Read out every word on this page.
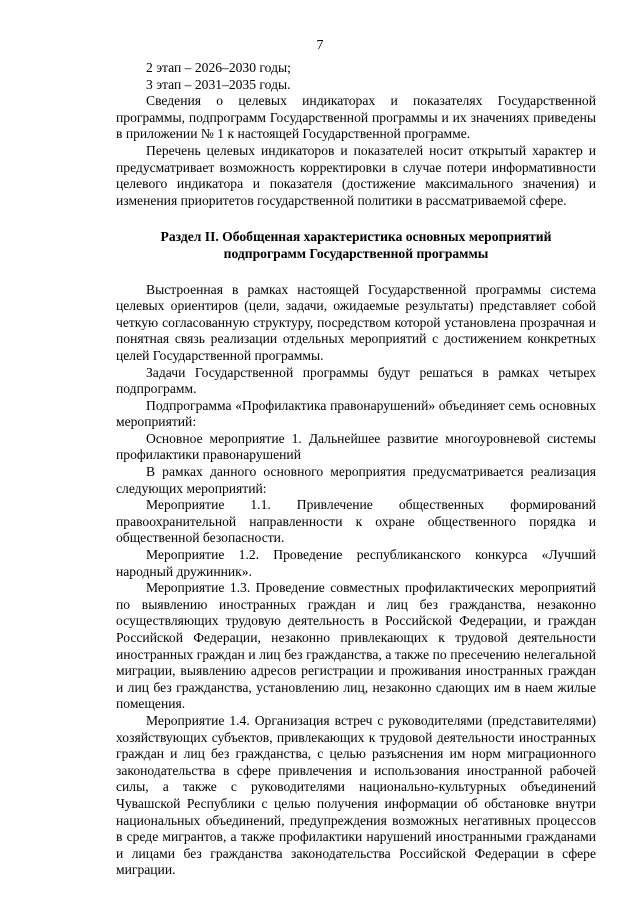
7

2 этап – 2026–2030 годы;

3 этап – 2031–2035 годы.

Сведения о целевых индикаторах и показателях Государственной программы, подпрограмм Государственной программы и их значениях приведены в приложении № 1 к настоящей Государственной программе.

Перечень целевых индикаторов и показателей носит открытый характер и предусматривает возможность корректировки в случае потери информативности целевого индикатора и показателя (достижение максимального значения) и изменения приоритетов государственной политики в рассматриваемой сфере.

Раздел II. Обобщенная характеристика основных мероприятий
подпрограмм Государственной программы

Выстроенная в рамках настоящей Государственной программы система целевых ориентиров (цели, задачи, ожидаемые результаты) представляет собой четкую согласованную структуру, посредством которой установлена прозрачная и понятная связь реализации отдельных мероприятий с достижением конкретных целей Государственной программы.

Задачи Государственной программы будут решаться в рамках четырех подпрограмм.

Подпрограмма «Профилактика правонарушений» объединяет семь основных мероприятий:

Основное мероприятие 1. Дальнейшее развитие многоуровневой системы профилактики правонарушений

В рамках данного основного мероприятия предусматривается реализация следующих мероприятий:

Мероприятие 1.1. Привлечение общественных формирований правоохранительной направленности к охране общественного порядка и общественной безопасности.

Мероприятие 1.2. Проведение республиканского конкурса «Лучший народный дружинник».

Мероприятие 1.3. Проведение совместных профилактических мероприятий по выявлению иностранных граждан и лиц без гражданства, незаконно осуществляющих трудовую деятельность в Российской Федерации, и граждан Российской Федерации, незаконно привлекающих к трудовой деятельности иностранных граждан и лиц без гражданства, а также по пресечению нелегальной миграции, выявлению адресов регистрации и проживания иностранных граждан и лиц без гражданства, установлению лиц, незаконно сдающих им в наем жилые помещения.

Мероприятие 1.4. Организация встреч с руководителями (представителями) хозяйствующих субъектов, привлекающих к трудовой деятельности иностранных граждан и лиц без гражданства, с целью разъяснения им норм миграционного законодательства в сфере привлечения и использования иностранной рабочей силы, а также с руководителями национально-культурных объединений Чувашской Республики с целью получения информации об обстановке внутри национальных объединений, предупреждения возможных негативных процессов в среде мигрантов, а также профилактики нарушений иностранными гражданами и лицами без гражданства законодательства Российской Федерации в сфере миграции.
